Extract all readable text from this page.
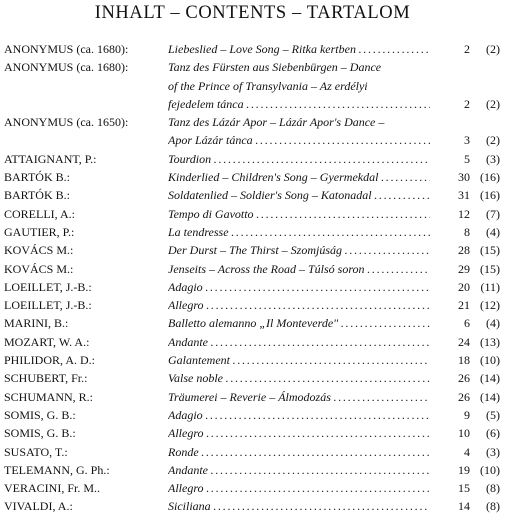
INHALT – CONTENTS – TARTALOM
ANONYMUS (ca. 1680):	Liebeslied – Love Song – Ritka kertben . . .	2	(2)
ANONYMUS (ca. 1680):	Tanz des Fürsten aus Siebenbürgen – Dance
of the Prince of Transylvania – Az erdélyi
fejedelem tánca . . .	2	(2)
ANONYMUS (ca. 1650):	Tanz des Lázár Apor – Lázár Apor's Dance –
Apor Lázár tánca . . .	3	(2)
ATTAIGNANT, P.:	Tourdion . . .	5	(3)
BARTÓK B.:	Kinderlied – Children's Song – Gyermekdal . . .	30 (16)
BARTÓK B.:	Soldatenlied – Soldier's Song – Katonadal . . .	31 (16)
CORELLI, A.:	Tempo di Gavotto . . .	12	(7)
GAUTIER, P.:	La tendresse . . .	8	(4)
KOVÁCS M.:	Der Durst – The Thirst – Szomjúság . . .	28 (15)
KOVÁCS M.:	Jenseits – Across the Road – Túlsó soron . . .	29 (15)
LOEILLET, J.-B.:	Adagio . . .	20 (11)
LOEILLET, J.-B.:	Allegro . . .	21 (12)
MARINI, B.:	Balletto alemanno „Il Monteverde" . . .	6	(4)
MOZART, W. A.:	Andante . . .	24 (13)
PHILIDOR, A. D.:	Galantement . . .	18 (10)
SCHUBERT, Fr.:	Valse noble . . .	26 (14)
SCHUMANN, R.:	Träumerei – Reverie – Álmodozás . . .	26 (14)
SOMIS, G. B.:	Adagio . . .	9	(5)
SOMIS, G. B.:	Allegro . . .	10	(6)
SUSATO, T.:	Ronde . . .	4	(3)
TELEMANN, G. Ph.:	Andante . . .	19 (10)
VERACINI, Fr. M..	Allegro . . .	15	(8)
VIVALDI, A.:	Siciliana . . .	14	(8)
